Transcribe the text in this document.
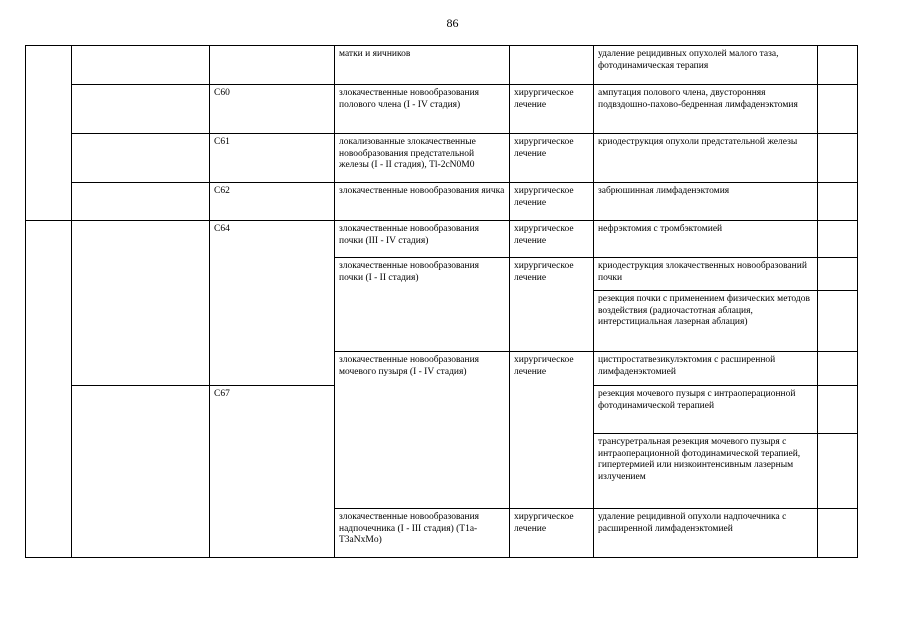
86
			матки и яичников		удаление рецидивных опухолей малого таза, фотодинамическая терапия	
		C60	злокачественные новообразования полового члена (I - IV стадия)	хирургическое лечение	ампутация полового члена, двусторонняя подвздошно-пахово-бедренная лимфаденэктомия	
		C61	локализованные злокачественные новообразования предстательной железы (I - II стадия), Tl-2cN0M0	хирургическое лечение	криодеструкция опухоли предстательной железы	
		C62	злокачественные новообразования яичка	хирургическое лечение	забрюшинная лимфаденэктомия	
		C64	злокачественные новообразования почки (III - IV стадия)	хирургическое лечение	нефрэктомия с тромбэктомией	
			злокачественные новообразования почки (I - II стадия)	хирургическое лечение	криодеструкция злокачественных новообразований почки	
					резекция почки с применением физических методов воздействия (радиочастотная аблация, интерстициальная лазерная аблация)	
			злокачественные новообразования мочевого пузыря (I - IV стадия)	хирургическое лечение	цистпростатвезикулэктомия с расширенной лимфаденэктомией	
		C67			резекция мочевого пузыря с интраоперационной фотодинамической терапией	
					трансуретральная резекция мочевого пузыря с интраоперационной фотодинамической терапией, гипертермией или низкоинтенсивным лазерным излучением	
			злокачественные новообразования надпочечника (I - III стадия) (T1a-T3aNxMo)	хирургическое лечение	удаление рецидивной опухоли надпочечника с расширенной лимфаденэктомией	
